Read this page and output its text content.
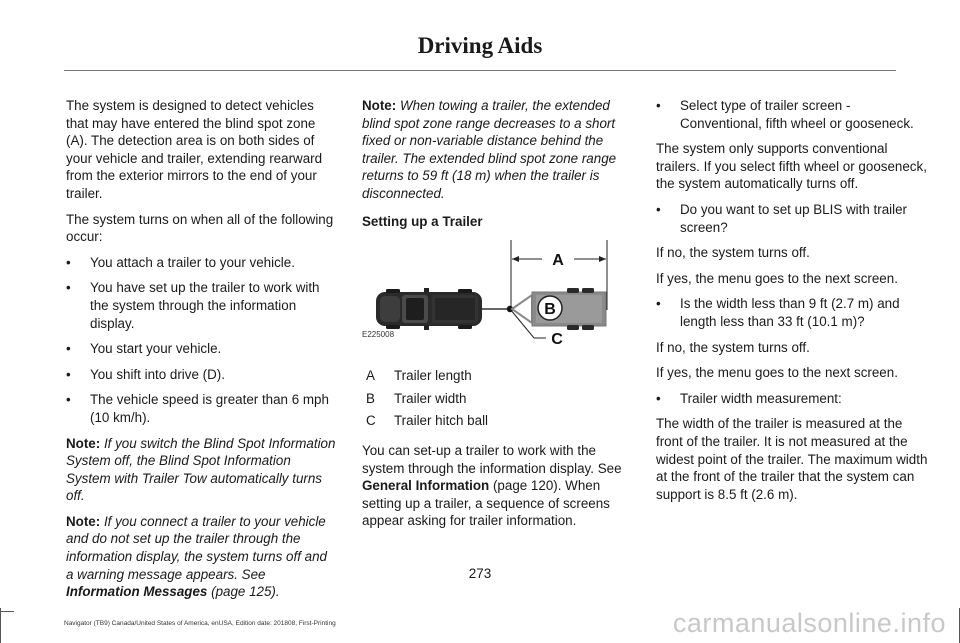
Driving Aids
The system is designed to detect vehicles that may have entered the blind spot zone (A). The detection area is on both sides of your vehicle and trailer, extending rearward from the exterior mirrors to the end of your trailer.
The system turns on when all of the following occur:
• You attach a trailer to your vehicle.
• You have set up the trailer to work with the system through the information display.
• You start your vehicle.
• You shift into drive (D).
• The vehicle speed is greater than 6 mph (10 km/h).
Note: If you switch the Blind Spot Information System off, the Blind Spot Information System with Trailer Tow automatically turns off.
Note: If you connect a trailer to your vehicle and do not set up the trailer through the information display, the system turns off and a warning message appears. See Information Messages (page 125).
Note: When towing a trailer, the extended blind spot zone range decreases to a short fixed or non-variable distance behind the trailer. The extended blind spot zone range returns to 59 ft (18 m) when the trailer is disconnected.
Setting up a Trailer
A
B
C
E225008
A	Trailer length
B	Trailer width
C	Trailer hitch ball
You can set-up a trailer to work with the system through the information display. See General Information (page 120). When setting up a trailer, a sequence of screens appear asking for trailer information.
• Select type of trailer screen - Conventional, fifth wheel or gooseneck.
The system only supports conventional trailers. If you select fifth wheel or gooseneck, the system automatically turns off.
• Do you want to set up BLIS with trailer screen?
If no, the system turns off.
If yes, the menu goes to the next screen.
• Is the width less than 9 ft (2.7 m) and length less than 33 ft (10.1 m)?
If no, the system turns off.
If yes, the menu goes to the next screen.
• Trailer width measurement:
The width of the trailer is measured at the front of the trailer. It is not measured at the widest point of the trailer. The maximum width at the front of the trailer that the system can support is 8.5 ft (2.6 m).
273
Navigator (TB9) Canada/United States of America, enUSA, Edition date: 201808, First-Printing	carmanualsonline.info
